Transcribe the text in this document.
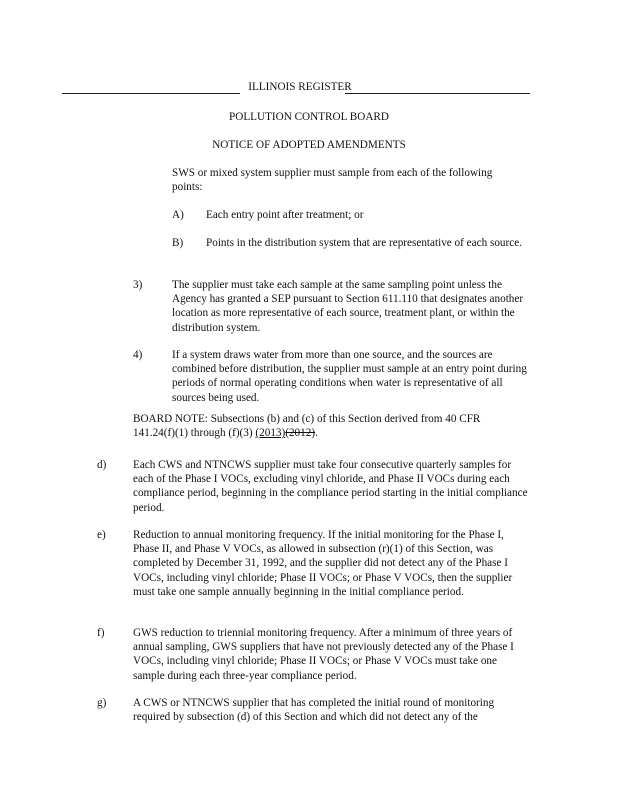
ILLINOIS REGISTER
POLLUTION CONTROL BOARD
NOTICE OF ADOPTED AMENDMENTS
SWS or mixed system supplier must sample from each of the following points:
A) Each entry point after treatment; or
B) Points in the distribution system that are representative of each source.
3)	The supplier must take each sample at the same sampling point unless the Agency has granted a SEP pursuant to Section 611.110 that designates another location as more representative of each source, treatment plant, or within the distribution system.
4)	If a system draws water from more than one source, and the sources are combined before distribution, the supplier must sample at an entry point during periods of normal operating conditions when water is representative of all sources being used.
BOARD NOTE: Subsections (b) and (c) of this Section derived from 40 CFR 141.24(f)(1) through (f)(3) (2013)(2012).
d) Each CWS and NTNCWS supplier must take four consecutive quarterly samples for each of the Phase I VOCs, excluding vinyl chloride, and Phase II VOCs during each compliance period, beginning in the compliance period starting in the initial compliance period.
e) Reduction to annual monitoring frequency. If the initial monitoring for the Phase I, Phase II, and Phase V VOCs, as allowed in subsection (r)(1) of this Section, was completed by December 31, 1992, and the supplier did not detect any of the Phase I VOCs, including vinyl chloride; Phase II VOCs; or Phase V VOCs, then the supplier must take one sample annually beginning in the initial compliance period.
f)	GWS reduction to triennial monitoring frequency. After a minimum of three years of annual sampling, GWS suppliers that have not previously detected any of the Phase I VOCs, including vinyl chloride; Phase II VOCs; or Phase V VOCs must take one sample during each three-year compliance period.
g) A CWS or NTNCWS supplier that has completed the initial round of monitoring required by subsection (d) of this Section and which did not detect any of the
